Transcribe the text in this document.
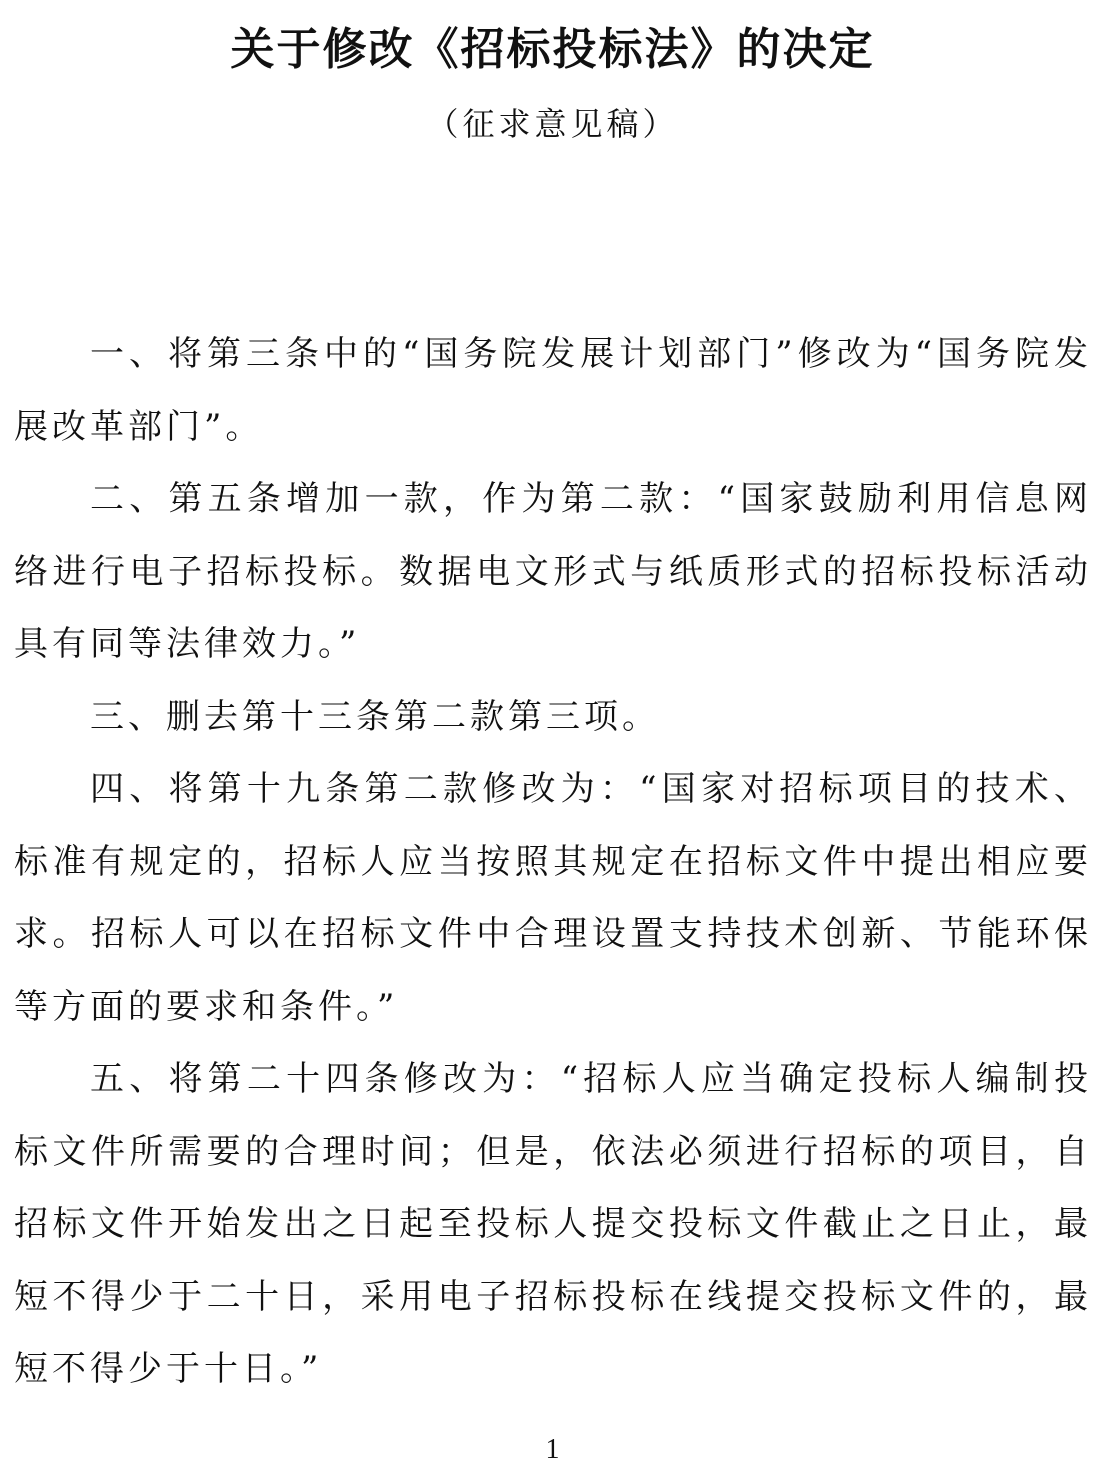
关于修改《招标投标法》的决定
（征求意见稿）

一、将第三条中的“国务院发展计划部门”修改为“国务院发展改革部门”。

二、第五条增加一款，作为第二款：“国家鼓励利用信息网络进行电子招标投标。数据电文形式与纸质形式的招标投标活动具有同等法律效力。”

三、删去第十三条第二款第三项。

四、将第十九条第二款修改为：“国家对招标项目的技术、标准有规定的，招标人应当按照其规定在招标文件中提出相应要求。招标人可以在招标文件中合理设置支持技术创新、节能环保等方面的要求和条件。”

五、将第二十四条修改为：“招标人应当确定投标人编制投标文件所需要的合理时间；但是，依法必须进行招标的项目，自招标文件开始发出之日起至投标人提交投标文件截止之日止，最短不得少于二十日，采用电子招标投标在线提交投标文件的，最短不得少于十日。”

1
